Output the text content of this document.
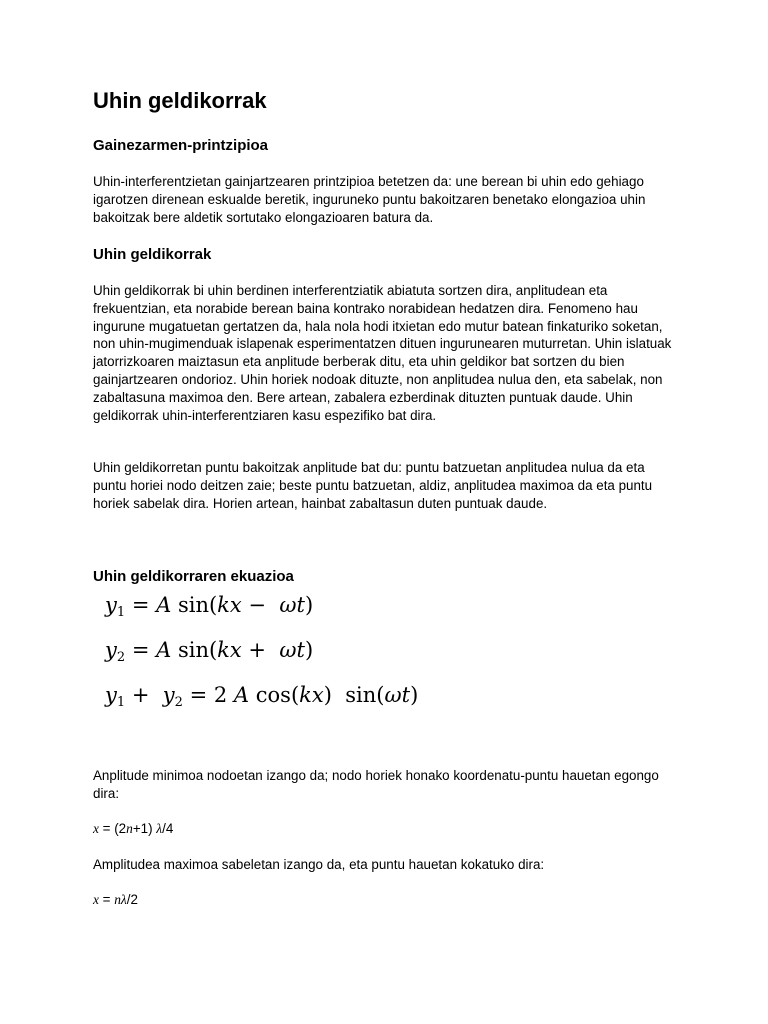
Uhin geldikorrak
Gainezarmen-printzipioa

Uhin-interferentzietan gainjartzearen printzipioa betetzen da: une berean bi uhin edo gehiago igarotzen direnean eskualde beretik, inguruneko puntu bakoitzaren benetako elongazioa uhin bakoitzak bere aldetik sortutako elongazioaren batura da.

Uhin geldikorrak

Uhin geldikorrak bi uhin berdinen interferentziatik abiatuta sortzen dira, anplitudean eta frekuentzian, eta norabide berean baina kontrako norabidean hedatzen dira. Fenomeno hau ingurune mugatuetan gertatzen da, hala nola hodi itxietan edo mutur batean finkaturiko soketan, non uhin-mugimenduak islapenak esperimentatzen dituen ingurunearen muturretan. Uhin islatuak jatorrizkoaren maiztasun eta anplitude berberak ditu, eta uhin geldikor bat sortzen du bien gainjartzearen ondorioz. Uhin horiek nodoak dituzte, non anplitudea nulua den, eta sabelak, non zabaltasuna maximoa den. Bere artean, zabalera ezberdinak dituzten puntuak daude. Uhin geldikorrak uhin-interferentziaren kasu espezifiko bat dira.

Uhin geldikorretan puntu bakoitzak anplitude bat du: puntu batzuetan anplitudea nulua da eta puntu horiei nodo deitzen zaie; beste puntu batzuetan, aldiz, anplitudea maximoa da eta puntu horiek sabelak dira. Horien artean, hainbat zabaltasun duten puntuak daude.

Uhin geldikorraren ekuazioa
$y_1 = A$ sin(kx −  ωt)
$y_2 = A$ sin(kx +  ωt)
$y_1 + y_2 = 2$ A cos(kx)  sin(ωt)

Anplitude minimoa nodoetan izango da; nodo horiek honako koordenatu-puntu hauetan egongo dira:

x = (2n+1) λ/4

Amplitudea maximoa sabeletan izango da, eta puntu hauetan kokatuko dira:

x = nλ/2
